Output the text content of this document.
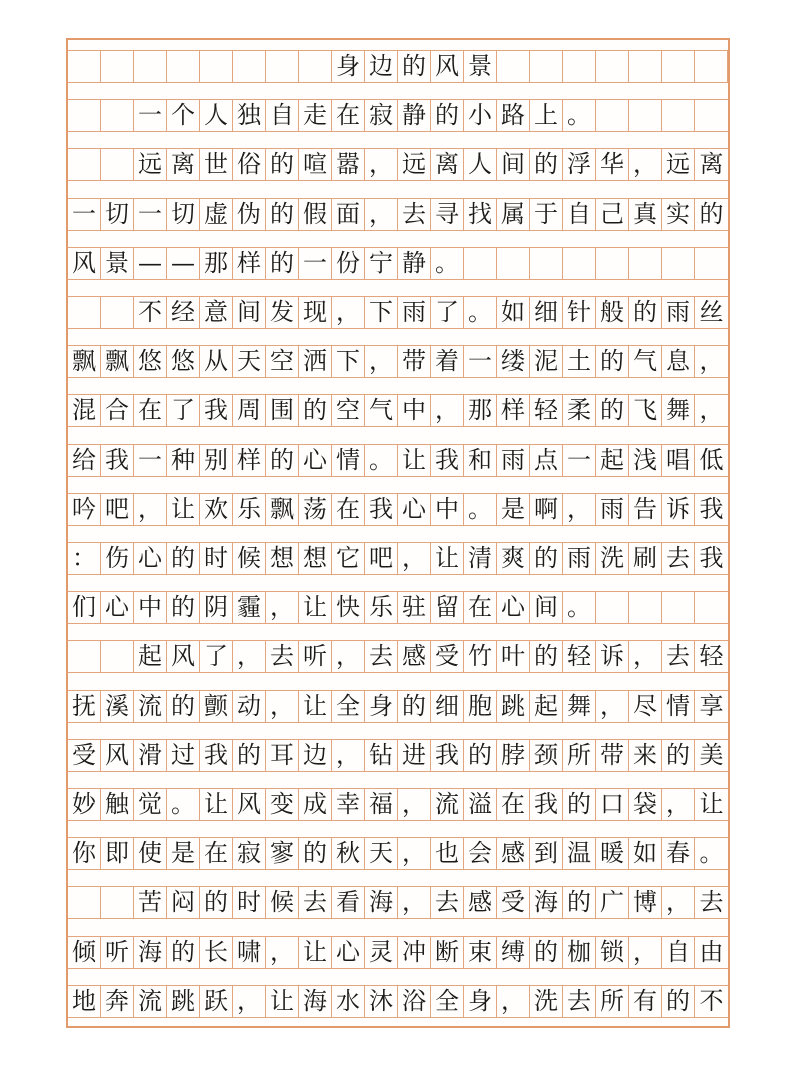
身 边 的 风 景
一 个 人 独 自 走 在 寂 静 的 小 路 上 。
远 离 世 俗 的 喧 嚣 ， 远 离 人 间 的 浮 华 ， 远 离
一 切 一 切 虚 伪 的 假 面 ， 去 寻 找 属 于 自 己 真 实 的
风 景 — — 那 样 的 一 份 宁 静 。
不 经 意 间 发 现 ， 下 雨 了 。 如 细 针 般 的 雨 丝
飘 飘 悠 悠 从 天 空 洒 下 ， 带 着 一 缕 泥 土 的 气 息 ，
混 合 在 了 我 周 围 的 空 气 中 ， 那 样 轻 柔 的 飞 舞 ，
给 我 一 种 别 样 的 心 情 。 让 我 和 雨 点 一 起 浅 唱 低
吟 吧 ， 让 欢 乐 飘 荡 在 我 心 中 。 是 啊 ， 雨 告 诉 我
： 伤 心 的 时 候 想 想 它 吧 ， 让 清 爽 的 雨 洗 刷 去 我
们 心 中 的 阴 霾 ， 让 快 乐 驻 留 在 心 间 。
起 风 了 ， 去 听 ， 去 感 受 竹 叶 的 轻 诉 ， 去 轻
抚 溪 流 的 颤 动 ， 让 全 身 的 细 胞 跳 起 舞 ， 尽 情 享
受 风 滑 过 我 的 耳 边 ， 钻 进 我 的 脖 颈 所 带 来 的 美
妙 触 觉 。 让 风 变 成 幸 福 ， 流 溢 在 我 的 口 袋 ， 让
你 即 使 是 在 寂 寥 的 秋 天 ， 也 会 感 到 温 暖 如 春 。
苦 闷 的 时 候 去 看 海 ， 去 感 受 海 的 广 博 ， 去
倾 听 海 的 长 啸 ， 让 心 灵 冲 断 束 缚 的 枷 锁 ， 自 由
地 奔 流 跳 跃 ， 让 海 水 沐 浴 全 身 ， 洗 去 所 有 的 不
